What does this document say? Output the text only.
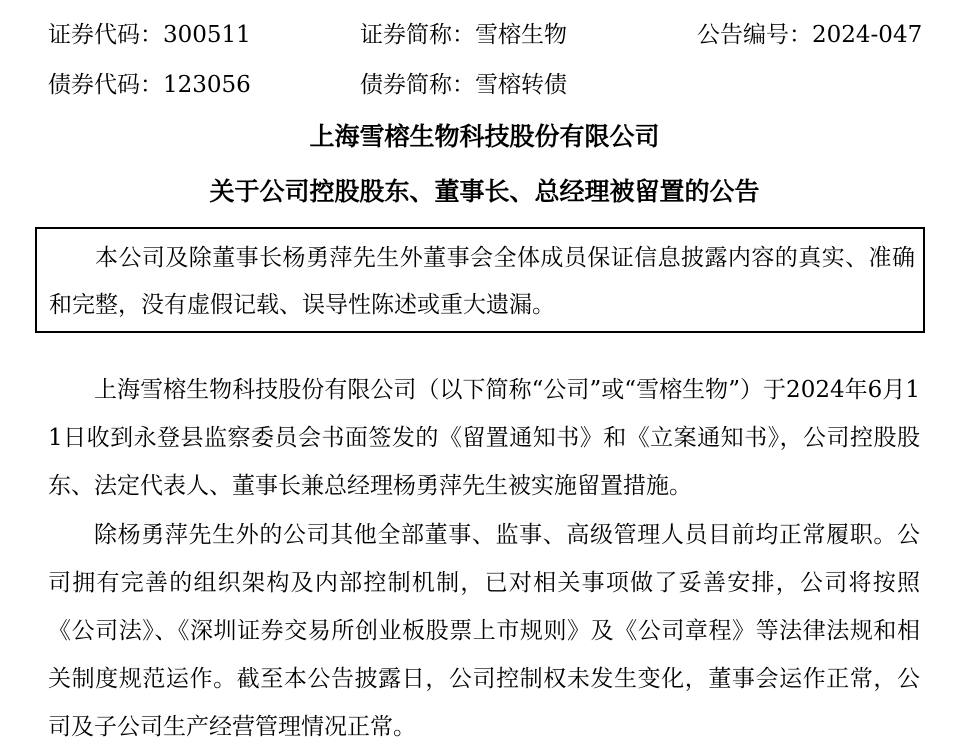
证券代码：300511	证券简称：雪榕生物	公告编号：2024-047
债券代码：123056	债券简称：雪榕转债
上海雪榕生物科技股份有限公司
关于公司控股股东、董事长、总经理被留置的公告

本公司及除董事长杨勇萍先生外董事会全体成员保证信息披露内容的真实、准确和完整，没有虚假记载、误导性陈述或重大遗漏。

上海雪榕生物科技股份有限公司（以下简称“公司”或“雪榕生物”）于2024年6月11日收到永登县监察委员会书面签发的《留置通知书》和《立案通知书》，公司控股股东、法定代表人、董事长兼总经理杨勇萍先生被实施留置措施。

除杨勇萍先生外的公司其他全部董事、监事、高级管理人员目前均正常履职。公司拥有完善的组织架构及内部控制机制，已对相关事项做了妥善安排，公司将按照《公司法》、《深圳证券交易所创业板股票上市规则》及《公司章程》等法律法规和相关制度规范运作。截至本公告披露日，公司控制权未发生变化，董事会运作正常，公司及子公司生产经营管理情况正常。
